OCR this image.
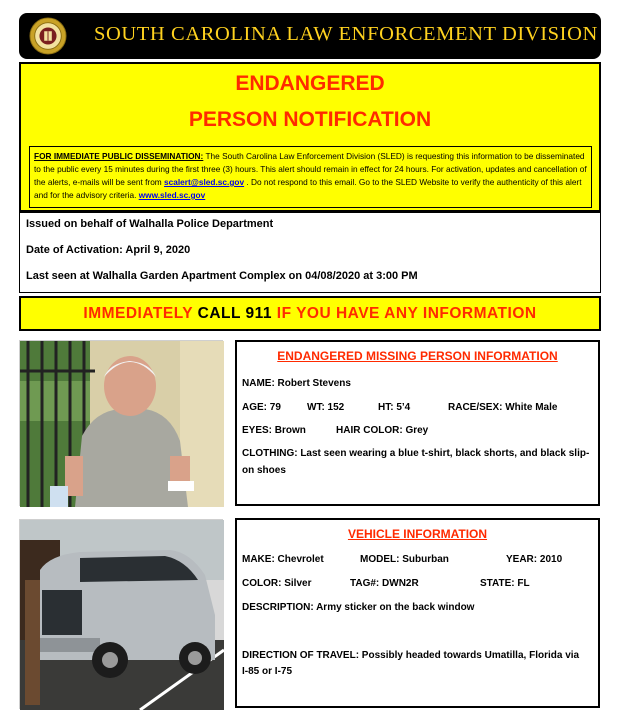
SOUTH CAROLINA LAW ENFORCEMENT DIVISION
ENDANGERED
PERSON NOTIFICATION
FOR IMMEDIATE PUBLIC DISSEMINATION: The South Carolina Law Enforcement Division (SLED) is requesting this information to be disseminated to the public every 15 minutes during the first three (3) hours. This alert should remain in effect for 24 hours. For activation, updates and cancellation of the alerts, e-mails will be sent from scalert@sled.sc.gov . Do not respond to this email. Go to the SLED Website to verify the authenticity of this alert and for the advisory criteria. www.sled.sc.gov
Issued on behalf of Walhalla Police Department
Date of Activation: April 9, 2020
Last seen at Walhalla Garden Apartment Complex on 04/08/2020 at 3:00 PM
IMMEDIATELY CALL 911 IF YOU HAVE ANY INFORMATION
ENDANGERED MISSING PERSON INFORMATION
NAME: Robert Stevens
AGE: 79	WT: 152	HT: 5’4	RACE/SEX: White Male
EYES: Brown	HAIR COLOR: Grey
CLOTHING: Last seen wearing a blue t-shirt, black shorts, and black slip-
on shoes
VEHICLE INFORMATION
MAKE: Chevrolet	MODEL: Suburban	YEAR: 2010
COLOR: Silver	TAG#: DWN2R	STATE: FL
DESCRIPTION: Army sticker on the back window
DIRECTION OF TRAVEL: Possibly headed towards Umatilla, Florida via
I-85 or I-75
